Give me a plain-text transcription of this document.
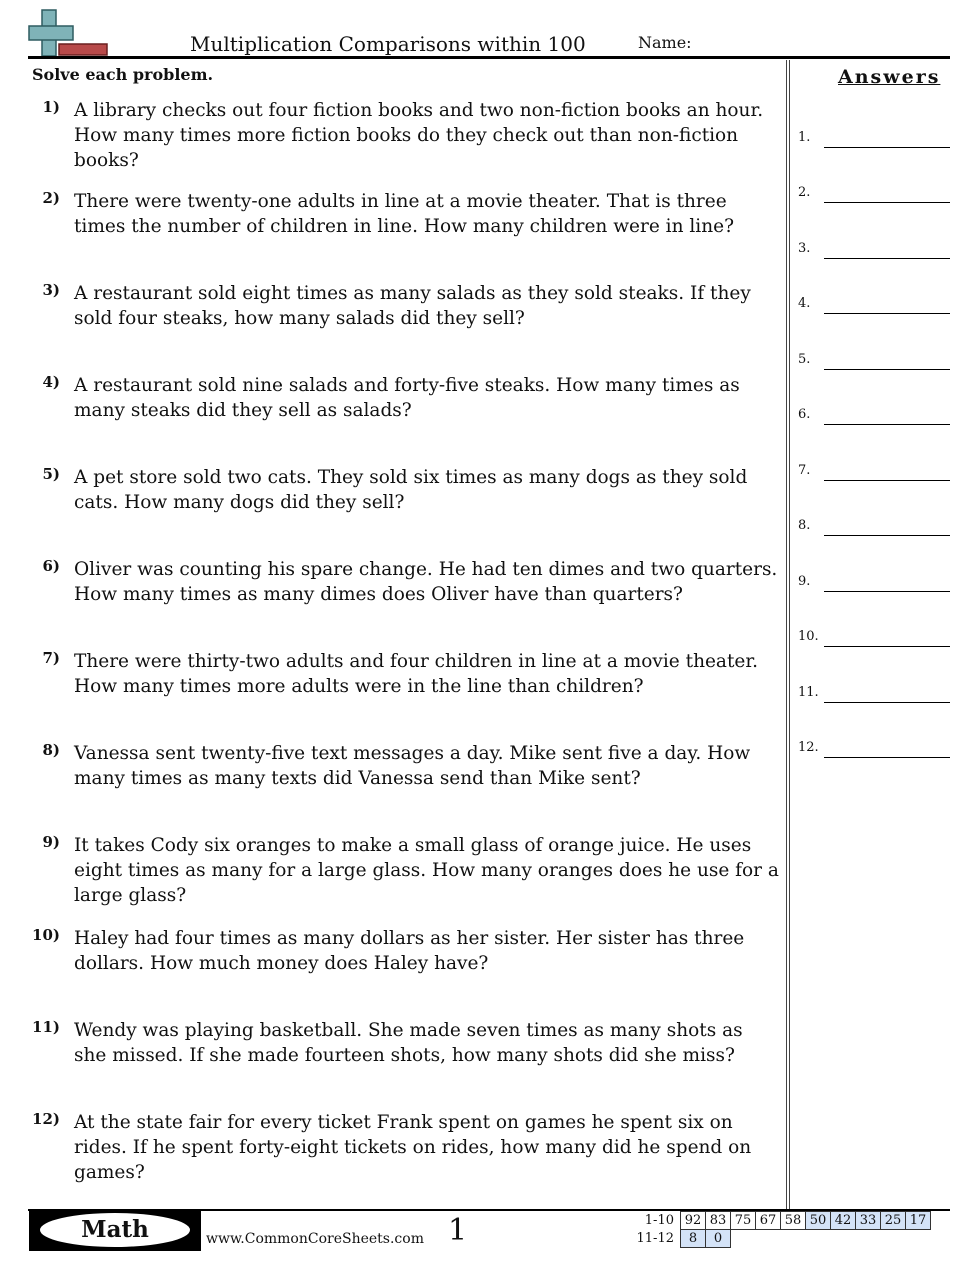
Multiplication Comparisons within 100	Name:
Solve each problem.
1) A library checks out four fiction books and two non-fiction books an hour. How many times more fiction books do they check out than non-fiction books?
2) There were twenty-one adults in line at a movie theater. That is three times the number of children in line. How many children were in line?
3) A restaurant sold eight times as many salads as they sold steaks. If they sold four steaks, how many salads did they sell?
4) A restaurant sold nine salads and forty-five steaks. How many times as many steaks did they sell as salads?
5) A pet store sold two cats. They sold six times as many dogs as they sold cats. How many dogs did they sell?
6) Oliver was counting his spare change. He had ten dimes and two quarters. How many times as many dimes does Oliver have than quarters?
7) There were thirty-two adults and four children in line at a movie theater. How many times more adults were in the line than children?
8) Vanessa sent twenty-five text messages a day. Mike sent five a day. How many times as many texts did Vanessa send than Mike sent?
9) It takes Cody six oranges to make a small glass of orange juice. He uses eight times as many for a large glass. How many oranges does he use for a large glass?
10) Haley had four times as many dollars as her sister. Her sister has three dollars. How much money does Haley have?
11) Wendy was playing basketball. She made seven times as many shots as she missed. If she made fourteen shots, how many shots did she miss?
12) At the state fair for every ticket Frank spent on games he spent six on rides. If he spent forty-eight tickets on rides, how many did he spend on games?
Answers
1.
2.
3.
4.
5.
6.
7.
8.
9.
10.
11.
12.
Math	www.CommonCoreSheets.com 1	1-10	92	83	75	67	58	50	42	33	25	17
11-12	8	0								
